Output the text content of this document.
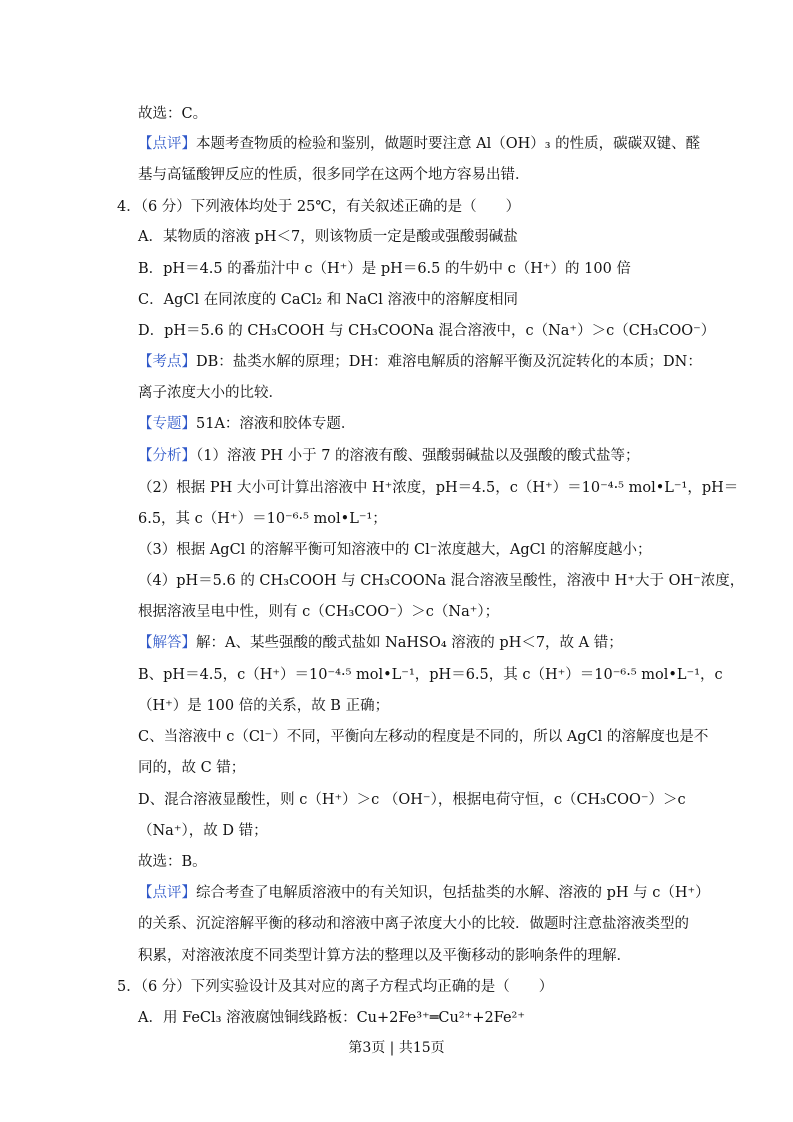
故选：C。
【点评】本题考查物质的检验和鉴别，做题时要注意 Al（OH）₃ 的性质，碳碳双键、醛
基与高锰酸钾反应的性质，很多同学在这两个地方容易出错．
4．（6 分）下列液体均处于 25℃，有关叙述正确的是（　　）
A．某物质的溶液 pH＜7，则该物质一定是酸或强酸弱碱盐
B．pH＝4.5 的番茄汁中 c（H⁺）是 pH＝6.5 的牛奶中 c（H⁺）的 100 倍
C．AgCl 在同浓度的 CaCl₂ 和 NaCl 溶液中的溶解度相同
D．pH＝5.6 的 CH₃COOH 与 CH₃COONa 混合溶液中，c（Na⁺）＞c（CH₃COO⁻）
【考点】DB：盐类水解的原理；DH：难溶电解质的溶解平衡及沉淀转化的本质；DN：
离子浓度大小的比较．
【专题】51A：溶液和胶体专题．
【分析】（1）溶液 PH 小于 7 的溶液有酸、强酸弱碱盐以及强酸的酸式盐等；
（2）根据 PH 大小可计算出溶液中 H⁺浓度，pH＝4.5，c（H⁺）＝10⁻⁴·⁵ mol•L⁻¹，pH＝
6.5，其 c（H⁺）＝10⁻⁶·⁵ mol•L⁻¹；
（3）根据 AgCl 的溶解平衡可知溶液中的 Cl⁻浓度越大，AgCl 的溶解度越小；
（4）pH＝5.6 的 CH₃COOH 与 CH₃COONa 混合溶液呈酸性，溶液中 H⁺大于 OH⁻浓度，
根据溶液呈电中性，则有 c（CH₃COO⁻）＞c（Na⁺）；
【解答】解：A、某些强酸的酸式盐如 NaHSO₄ 溶液的 pH＜7，故 A 错；
B、pH＝4.5，c（H⁺）＝10⁻⁴·⁵ mol•L⁻¹，pH＝6.5，其 c（H⁺）＝10⁻⁶·⁵ mol•L⁻¹，c
（H⁺）是 100 倍的关系，故 B 正确；
C、当溶液中 c（Cl⁻）不同，平衡向左移动的程度是不同的，所以 AgCl 的溶解度也是不
同的，故 C 错；
D、混合溶液显酸性，则 c（H⁺）＞c （OH⁻），根据电荷守恒，c（CH₃COO⁻）＞c
（Na⁺），故 D 错；
故选：B。
【点评】综合考查了电解质溶液中的有关知识，包括盐类的水解、溶液的 pH 与 c（H⁺）
的关系、沉淀溶解平衡的移动和溶液中离子浓度大小的比较．做题时注意盐溶液类型的
积累，对溶液浓度不同类型计算方法的整理以及平衡移动的影响条件的理解．
5．（6 分）下列实验设计及其对应的离子方程式均正确的是（　　）
A．用 FeCl₃ 溶液腐蚀铜线路板：Cu+2Fe³⁺═Cu²⁺+2Fe²⁺
第3页 | 共15页
